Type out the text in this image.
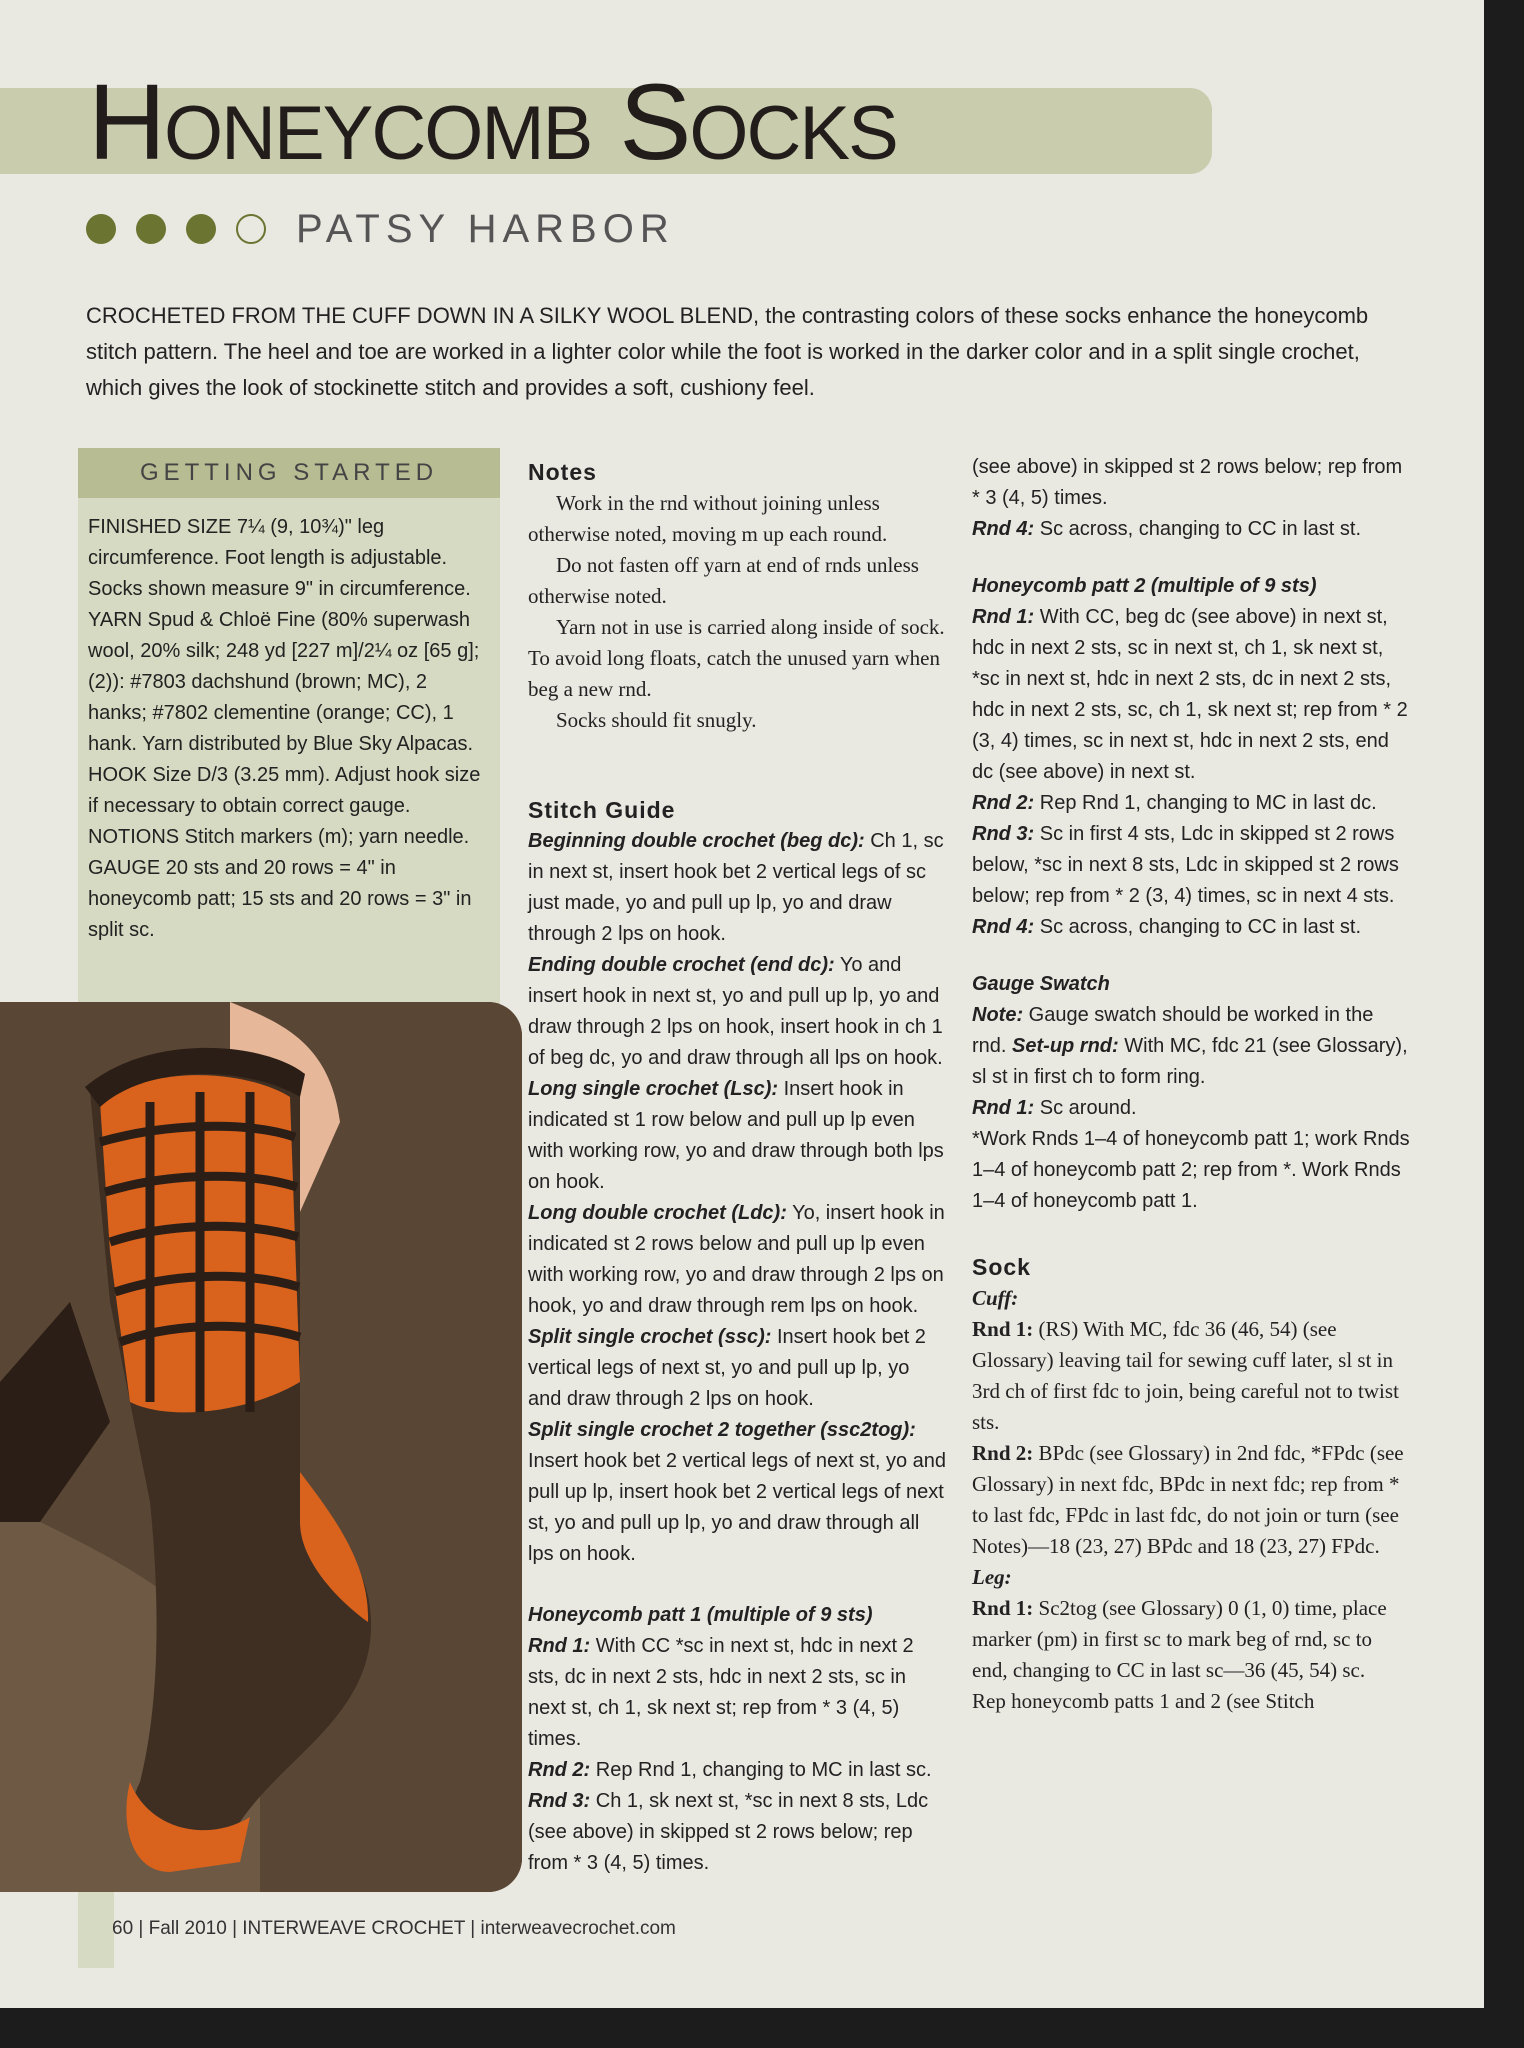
Honeycomb Socks
PATSY HARBOR

CROCHETED FROM THE CUFF DOWN IN A SILKY WOOL BLEND, the contrasting colors of these socks enhance the honeycomb stitch pattern. The heel and toe are worked in a lighter color while the foot is worked in the darker color and in a split single crochet, which gives the look of stockinette stitch and provides a soft, cushiony feel.

GETTING STARTED

FINISHED SIZE 7¼ (9, 10¾)" leg circumference. Foot length is adjustable. Socks shown measure 9" in circumference.

YARN Spud & Chloë Fine (80% superwash wool, 20% silk; 248 yd [227 m]/2¼ oz [65 g]; (2)): #7803 dachshund (brown; MC), 2 hanks; #7802 clementine (orange; CC), 1 hank. Yarn distributed by Blue Sky Alpacas.

HOOK Size D/3 (3.25 mm). Adjust hook size if necessary to obtain correct gauge.

NOTIONS Stitch markers (m); yarn needle.

GAUGE 20 sts and 20 rows = 4" in honeycomb patt; 15 sts and 20 rows = 3" in split sc.

Notes

Work in the rnd without joining unless otherwise noted, moving m up each round.

Do not fasten off yarn at end of rnds unless otherwise noted.

Yarn not in use is carried along inside of sock. To avoid long floats, catch the unused yarn when beg a new rnd.

Socks should fit snugly.

Stitch Guide

Beginning double crochet (beg dc): Ch 1, sc in next st, insert hook bet 2 vertical legs of sc just made, yo and pull up lp, yo and draw through 2 lps on hook.

Ending double crochet (end dc): Yo and insert hook in next st, yo and pull up lp, yo and draw through 2 lps on hook, insert hook in ch 1 of beg dc, yo and draw through all lps on hook.

Long single crochet (Lsc): Insert hook in indicated st 1 row below and pull up lp even with working row, yo and draw through both lps on hook.

Long double crochet (Ldc): Yo, insert hook in indicated st 2 rows below and pull up lp even with working row, yo and draw through 2 lps on hook, yo and draw through rem lps on hook.

Split single crochet (ssc): Insert hook bet 2 vertical legs of next st, yo and pull up lp, yo and draw through 2 lps on hook.

Split single crochet 2 together (ssc2tog): Insert hook bet 2 vertical legs of next st, yo and pull up lp, insert hook bet 2 vertical legs of next st, yo and pull up lp, yo and draw through all lps on hook.

Honeycomb patt 1 (multiple of 9 sts)

Rnd 1: With CC *sc in next st, hdc in next 2 sts, dc in next 2 sts, hdc in next 2 sts, sc in next st, ch 1, sk next st; rep from * 3 (4, 5) times.

Rnd 2: Rep Rnd 1, changing to MC in last sc.

Rnd 3: Ch 1, sk next st, *sc in next 8 sts, Ldc (see above) in skipped st 2 rows below; rep from * 3 (4, 5) times.

(see above) in skipped st 2 rows below; rep from * 3 (4, 5) times.

Rnd 4: Sc across, changing to CC in last st.

Honeycomb patt 2 (multiple of 9 sts)

Rnd 1: With CC, beg dc (see above) in next st, hdc in next 2 sts, sc in next st, ch 1, sk next st, *sc in next st, hdc in next 2 sts, dc in next 2 sts, hdc in next 2 sts, sc, ch 1, sk next st; rep from * 2 (3, 4) times, sc in next st, hdc in next 2 sts, end dc (see above) in next st.

Rnd 2: Rep Rnd 1, changing to MC in last dc.

Rnd 3: Sc in first 4 sts, Ldc in skipped st 2 rows below, *sc in next 8 sts, Ldc in skipped st 2 rows below; rep from * 2 (3, 4) times, sc in next 4 sts.

Rnd 4: Sc across, changing to CC in last st.

Gauge Swatch

Note: Gauge swatch should be worked in the rnd. Set-up rnd: With MC, fdc 21 (see Glossary), sl st in first ch to form ring.

Rnd 1: Sc around.

*Work Rnds 1–4 of honeycomb patt 1; work Rnds 1–4 of honeycomb patt 2; rep from *. Work Rnds 1–4 of honeycomb patt 1.

Sock

Cuff:

Rnd 1: (RS) With MC, fdc 36 (46, 54) (see Glossary) leaving tail for sewing cuff later, sl st in 3rd ch of first fdc to join, being careful not to twist sts.

Rnd 2: BPdc (see Glossary) in 2nd fdc, *FPdc (see Glossary) in next fdc, BPdc in next fdc; rep from * to last fdc, FPdc in last fdc, do not join or turn (see Notes)—18 (23, 27) BPdc and 18 (23, 27) FPdc.

Leg:

Rnd 1: Sc2tog (see Glossary) 0 (1, 0) time, place marker (pm) in first sc to mark beg of rnd, sc to end, changing to CC in last sc—36 (45, 54) sc.

Rep honeycomb patts 1 and 2 (see Stitch

60 | Fall 2010 | INTERWEAVE CROCHET | interweavecrochet.com
